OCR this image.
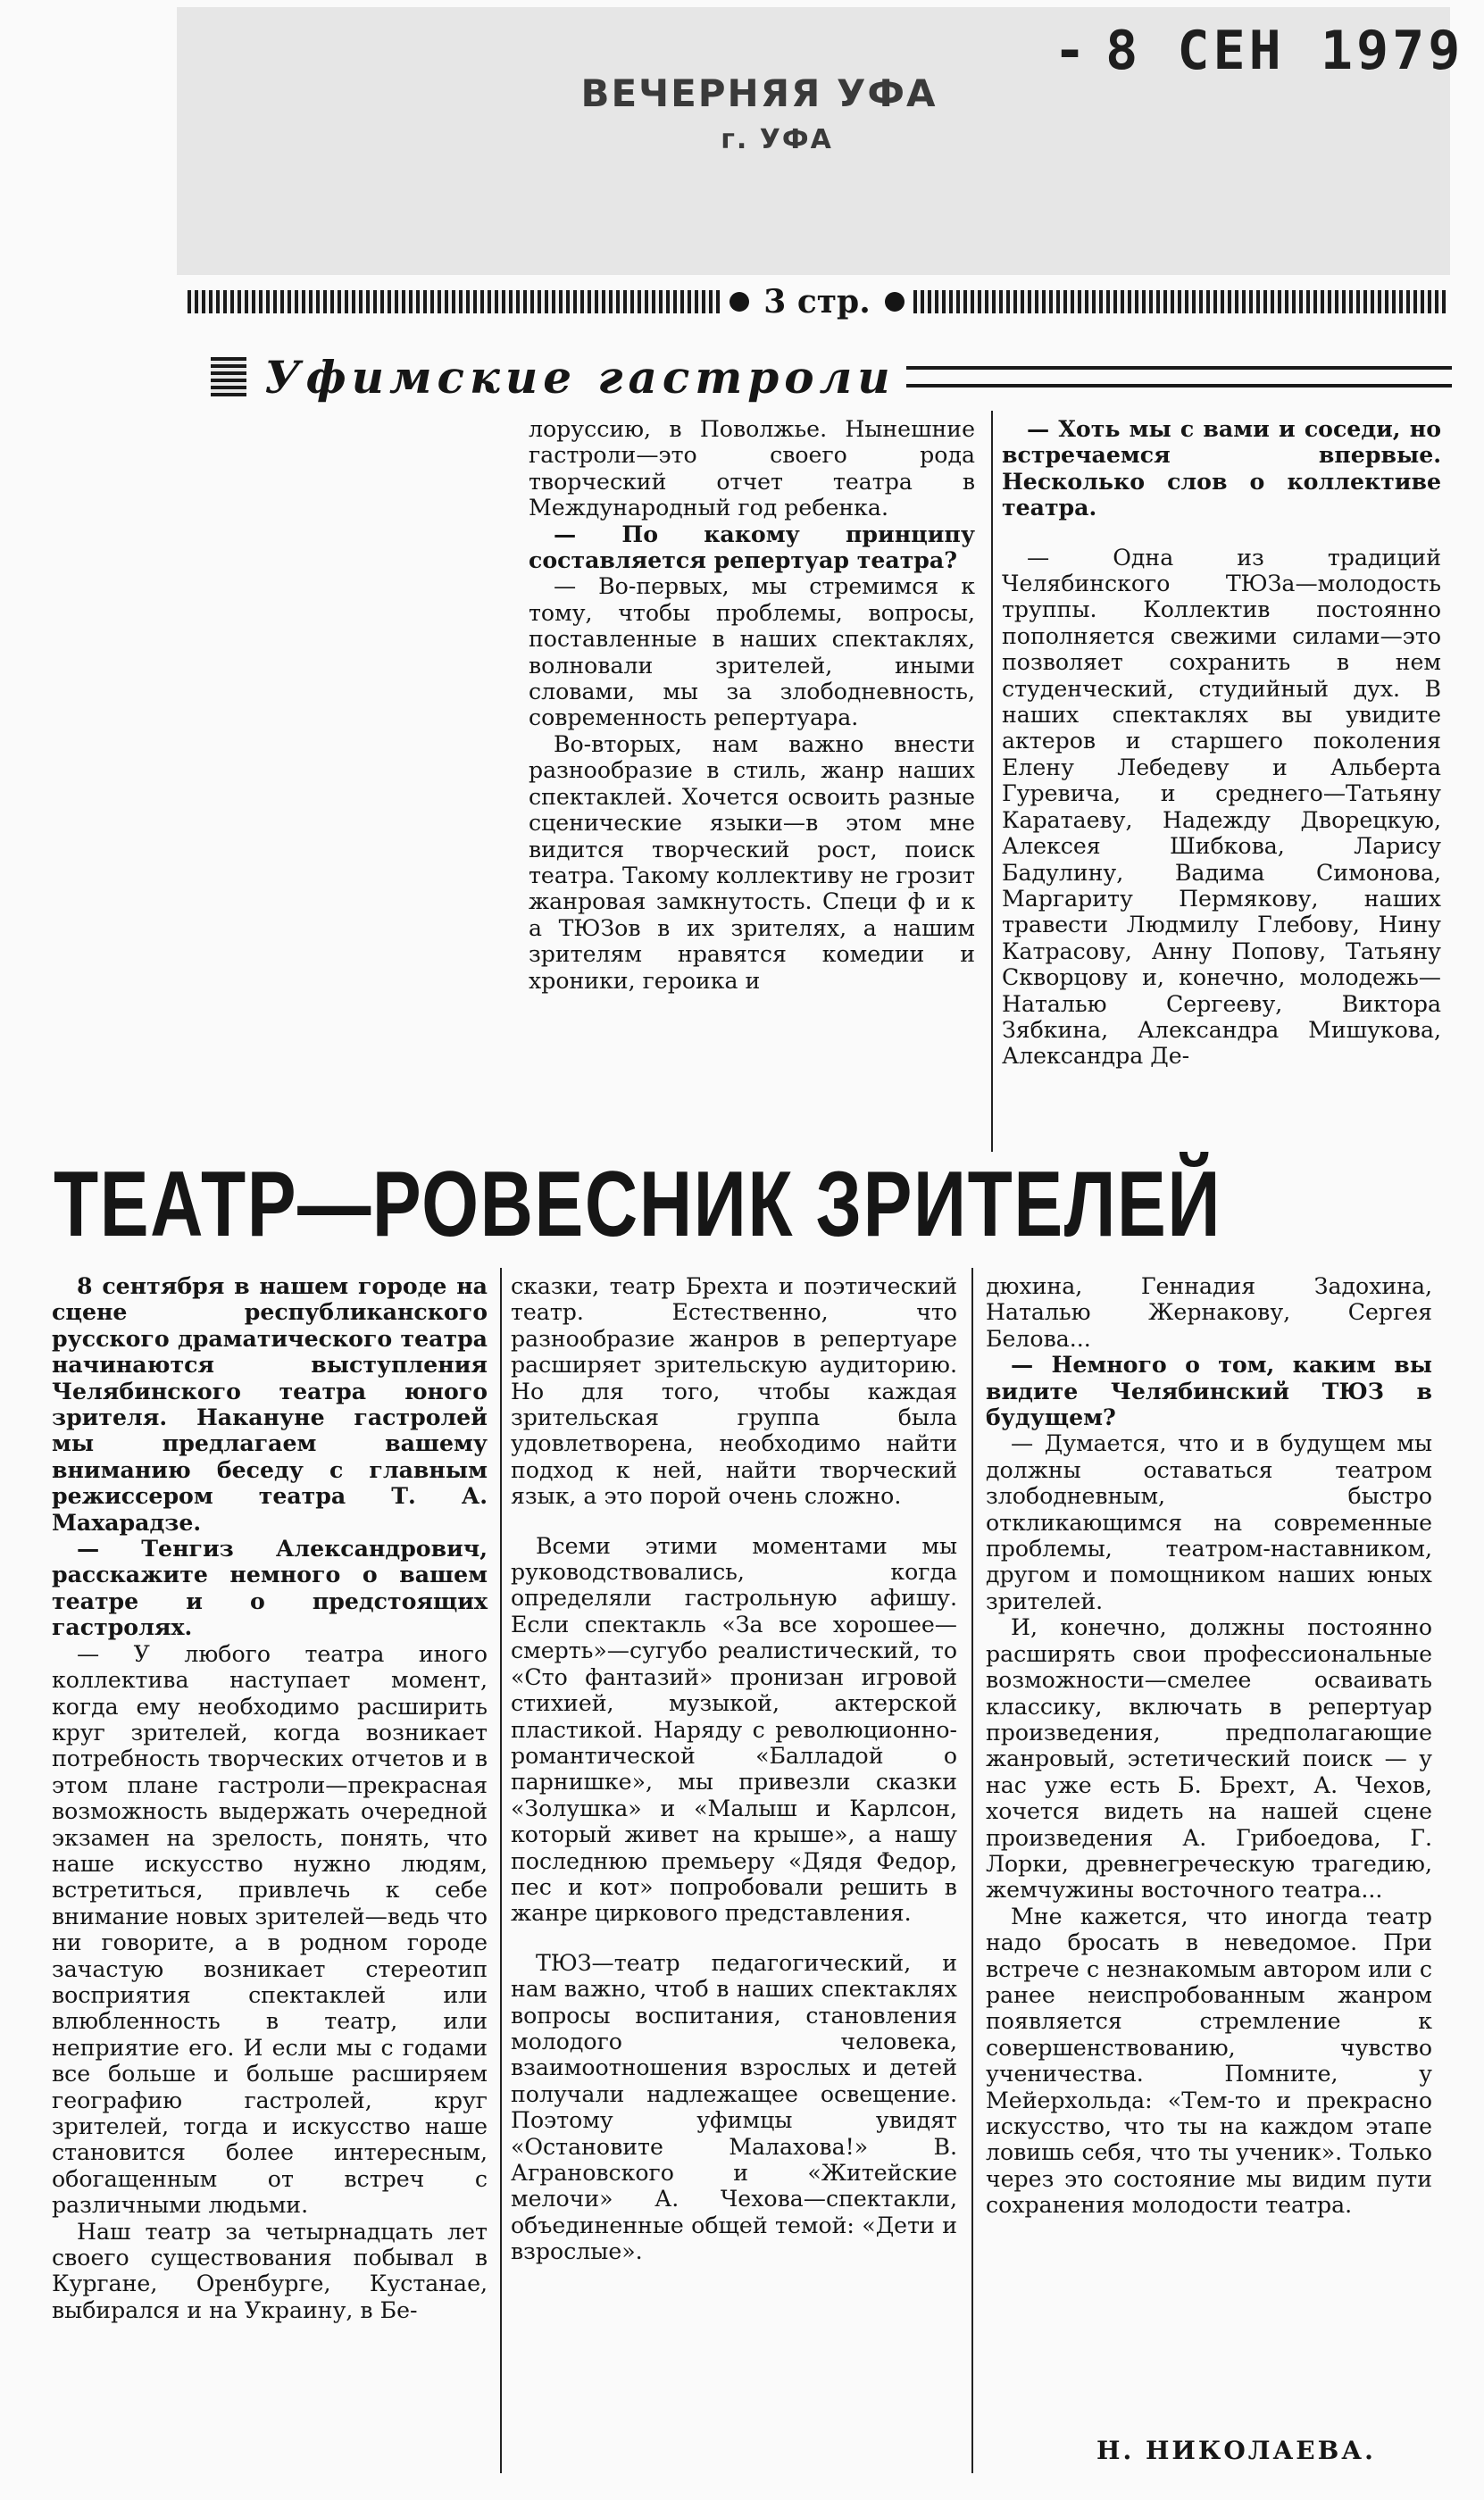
ВЕЧЕРНЯЯ УФА
г. УФА
- 8 СЕН 1979
3 стр.
Уфимские гастроли

лоруссию, в Поволжье. Нынешние гастроли—это своего рода творческий отчет театра в Международный год ребенка.

— По какому принципу составляется репертуар театра?

— Во-первых, мы стремимся к тому, чтобы проблемы, вопросы, поставленные в наших спектаклях, волновали зрителей, иными словами, мы за злободневность, современность репертуара.

Во-вторых, нам важно внести разнообразие в стиль, жанр наших спектаклей. Хочется освоить разные сценические языки—в этом мне видится творческий рост, поиск театра. Такому коллективу не грозит жанровая замкнутость. Специ ф и к а ТЮЗов в их зрителях, а нашим зрителям нравятся комедии и хроники, героика и

— Хоть мы с вами и соседи, но встречаемся впервые. Несколько слов о коллективе театра.

— Одна из традиций Челябинского ТЮЗа—молодость труппы. Коллектив постоянно пополняется свежими силами—это позволяет сохранить в нем студенческий, студийный дух. В наших спектаклях вы увидите актеров и старшего поколения Елену Лебедеву и Альберта Гуревича, и среднего—Татьяну Каратаеву, Надежду Дворецкую, Алексея Шибкова, Ларису Бадулину, Вадима Симонова, Маргариту Пермякову, наших травести Людмилу Глебову, Нину Катрасову, Анну Попову, Татьяну Скворцову и, конечно, молодежь—Наталью Сергееву, Виктора Зябкина, Александра Мишукова, Александра Де-

ТЕАТР—РОВЕСНИК ЗРИТЕЛЕЙ

8 сентября в нашем городе на сцене республиканского русского драматического театра начинаются выступления Челябинского театра юного зрителя. Накануне гастролей мы предлагаем вашему вниманию беседу с главным режиссером театра Т. А. Махарадзе.

— Тенгиз Александрович, расскажите немного о вашем театре и о предстоящих гастролях.

— У любого театра иного коллектива наступает момент, когда ему необходимо расширить круг зрителей, когда возникает потребность творческих отчетов и в этом плане гастроли—прекрасная возможность выдержать очередной экзамен на зрелость, понять, что наше искусство нужно людям, встретиться, привлечь к себе внимание новых зрителей—ведь что ни говорите, а в родном городе зачастую возникает стереотип восприятия спектаклей или влюбленность в театр, или неприятие его. И если мы с годами все больше и больше расширяем географию гастролей, круг зрителей, тогда и искусство наше становится более интересным, обогащенным от встреч с различными людьми.

Наш театр за четырнадцать лет своего существования побывал в Кургане, Оренбурге, Кустанае, выбирался и на Украину, в Бе-

сказки, театр Брехта и поэтический театр. Естественно, что разнообразие жанров в репертуаре расширяет зрительскую аудиторию. Но для того, чтобы каждая зрительская группа была удовлетворена, необходимо найти подход к ней, найти творческий язык, а это порой очень сложно.

Всеми этими моментами мы руководствовались, когда определяли гастрольную афишу. Если спектакль «За все хорошее—смерть»—сугубо реалистический, то «Сто фантазий» пронизан игровой стихией, музыкой, актерской пластикой. Наряду с революционно-романтической «Балладой о парнишке», мы привезли сказки «Золушка» и «Малыш и Карлсон, который живет на крыше», а нашу последнюю премьеру «Дядя Федор, пес и кот» попробовали решить в жанре циркового представления.

ТЮЗ—театр педагогический, и нам важно, чтоб в наших спектаклях вопросы воспитания, становления молодого человека, взаимоотношения взрослых и детей получали надлежащее освещение. Поэтому уфимцы увидят «Остановите Малахова!» В. Аграновского и «Житейские мелочи» А. Чехова—спектакли, объединенные общей темой: «Дети и взрослые».

дюхина, Геннадия Задохина, Наталью Жернакову, Сергея Белова...

— Немного о том, каким вы видите Челябинский ТЮЗ в будущем?

— Думается, что и в будущем мы должны оставаться театром злободневным, быстро откликающимся на современные проблемы, театром-наставником, другом и помощником наших юных зрителей.

И, конечно, должны постоянно расширять свои профессиональные возможности—смелее осваивать классику, включать в репертуар произведения, предполагающие жанровый, эстетический поиск — у нас уже есть Б. Брехт, А. Чехов, хочется видеть на нашей сцене произведения А. Грибоедова, Г. Лорки, древнегреческую трагедию, жемчужины восточного театра...

Мне кажется, что иногда театр надо бросать в неведомое. При встрече с незнакомым автором или с ранее неиспробованным жанром появляется стремление к совершенствованию, чувство ученичества. Помните, у Мейерхольда: «Тем-то и прекрасно искусство, что ты на каждом этапе ловишь себя, что ты ученик». Только через это состояние мы видим пути сохранения молодости театра.

Н. НИКОЛАЕВА.
